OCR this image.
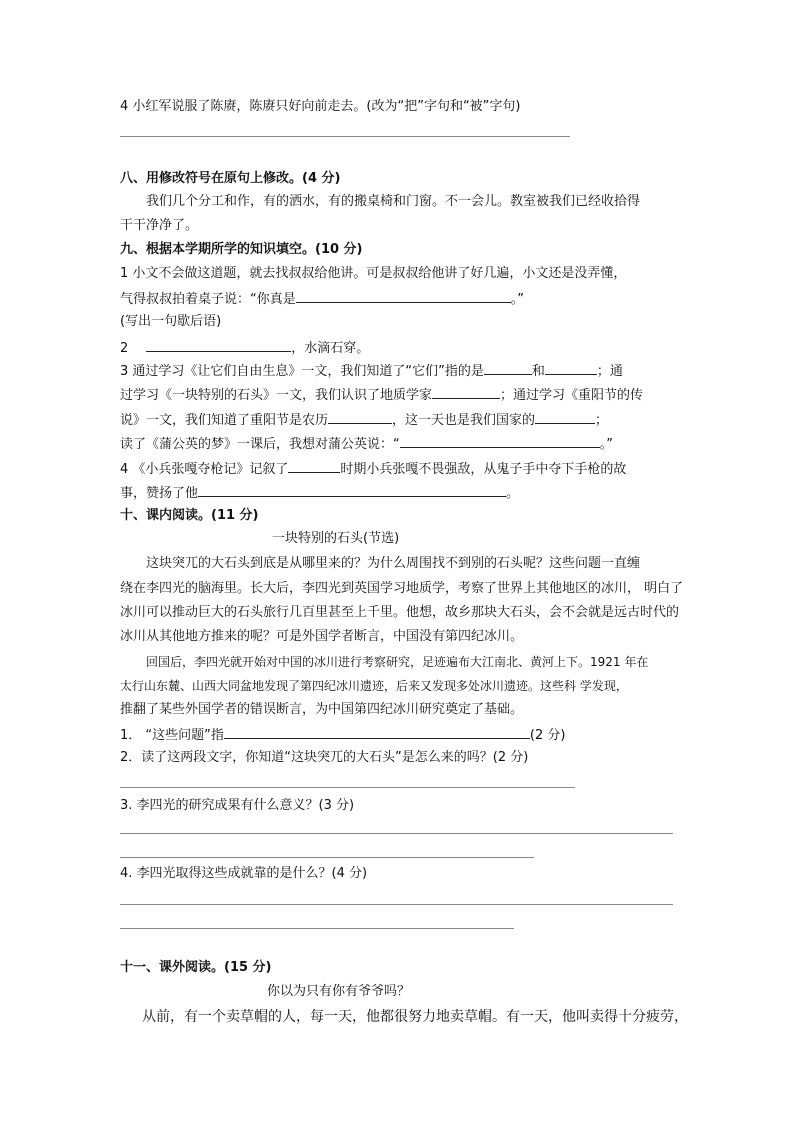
4 小红军说服了陈赓，陈赓只好向前走去。(改为“把”字句和“被”字句)
八、用修改符号在原句上修改。(4 分)
我们几个分工和作，有的洒水，有的搬桌椅和门窗。不一会儿。教室被我们已经收拾得
干干净净了。
九、根据本学期所学的知识填空。(10 分)
1 小文不会做这道题，就去找叔叔给他讲。可是叔叔给他讲了好几遍，小文还是没弄懂，
气得叔叔拍着桌子说：“你真是	。”
(写出一句歇后语)
2	，水滴石穿。
3 通过学习《让它们自由生息》一文，我们知道了“它们”指的是	和	；通
过学习《一块特别的石头》一文，我们认识了地质学家	；通过学习《重阳节的传
说》一文，我们知道了重阳节是农历	，这一天也是我们国家的	；
读了《蒲公英的梦》一课后，我想对蒲公英说：“	。”
4 《小兵张嘎夺枪记》记叙了	时期小兵张嘎不畏强敌，从鬼子手中夺下手枪的故
事，赞扬了他	。
十、课内阅读。(11 分)
一块特别的石头(节选)
这块突兀的大石头到底是从哪里来的？为什么周围找不到别的石头呢？这些问题一直缠
绕在李四光的脑海里。长大后，李四光到英国学习地质学，考察了世界上其他地区的冰川， 明白了
冰川可以推动巨大的石头旅行几百里甚至上千里。他想，故乡那块大石头，会不会就是远古时代的
冰川从其他地方推来的呢？可是外国学者断言，中国没有第四纪冰川。
回国后，李四光就开始对中国的冰川进行考察研究，足迹遍布大江南北、黄河上下。1921 年在
太行山东麓、山西大同盆地发现了第四纪冰川遗迹，后来又发现多处冰川遗迹。这些科 学发现，
推翻了某些外国学者的错误断言，为中国第四纪冰川研究奠定了基础。
1． “这些问题”指	(2 分)
2．读了这两段文字，你知道“这块突兀的大石头”是怎么来的吗？(2 分)
3. 李四光的研究成果有什么意义？(3 分)
4. 李四光取得这些成就靠的是什么？(4 分)
十一、课外阅读。(15 分)
你以为只有你有爷爷吗？
从前，有一个卖草帽的人，每一天，他都很努力地卖草帽。有一天，他叫卖得十分疲劳，
